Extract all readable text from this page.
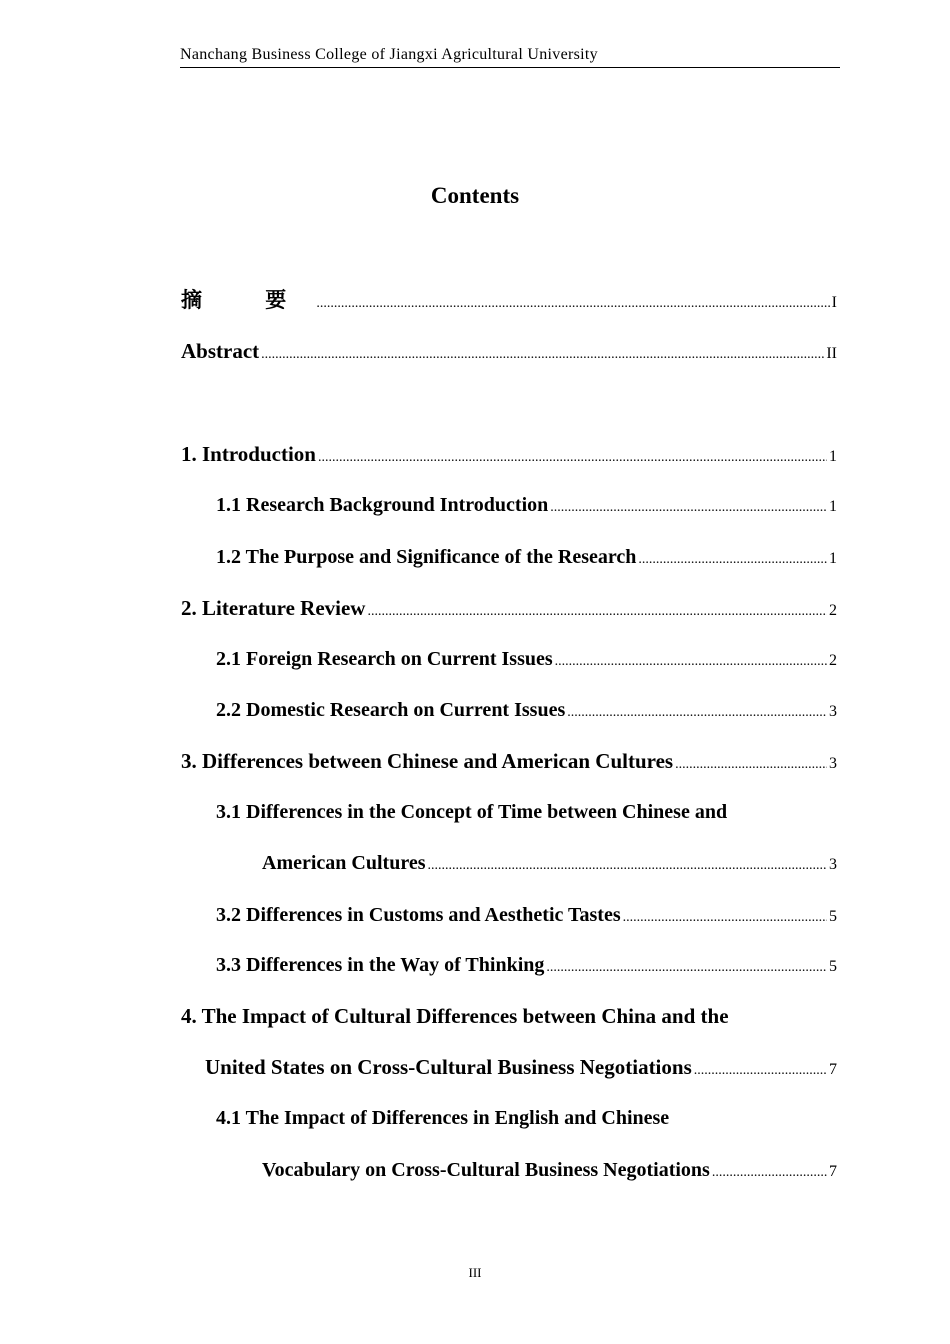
Nanchang Business College of Jiangxi Agricultural University
Contents
摘 要 .....	I
Abstract .....	II
1. Introduction .....	1
1.1 Research Background Introduction .....	1
1.2 The Purpose and Significance of the Research .....	1
2. Literature Review .....	2
2.1 Foreign Research on Current Issues .....	2
2.2 Domestic Research on Current Issues .....	3
3. Differences between Chinese and American Cultures .....	3
3.1 Differences in the Concept of Time between Chinese and
American Cultures .....	3
3.2 Differences in Customs and Aesthetic Tastes .....	5
3.3 Differences in the Way of Thinking .....	5
4. The Impact of Cultural Differences between China and the
United States on Cross-Cultural Business Negotiations .....	7
4.1 The Impact of Differences in English and Chinese
Vocabulary on Cross-Cultural Business Negotiations .....	7
III
